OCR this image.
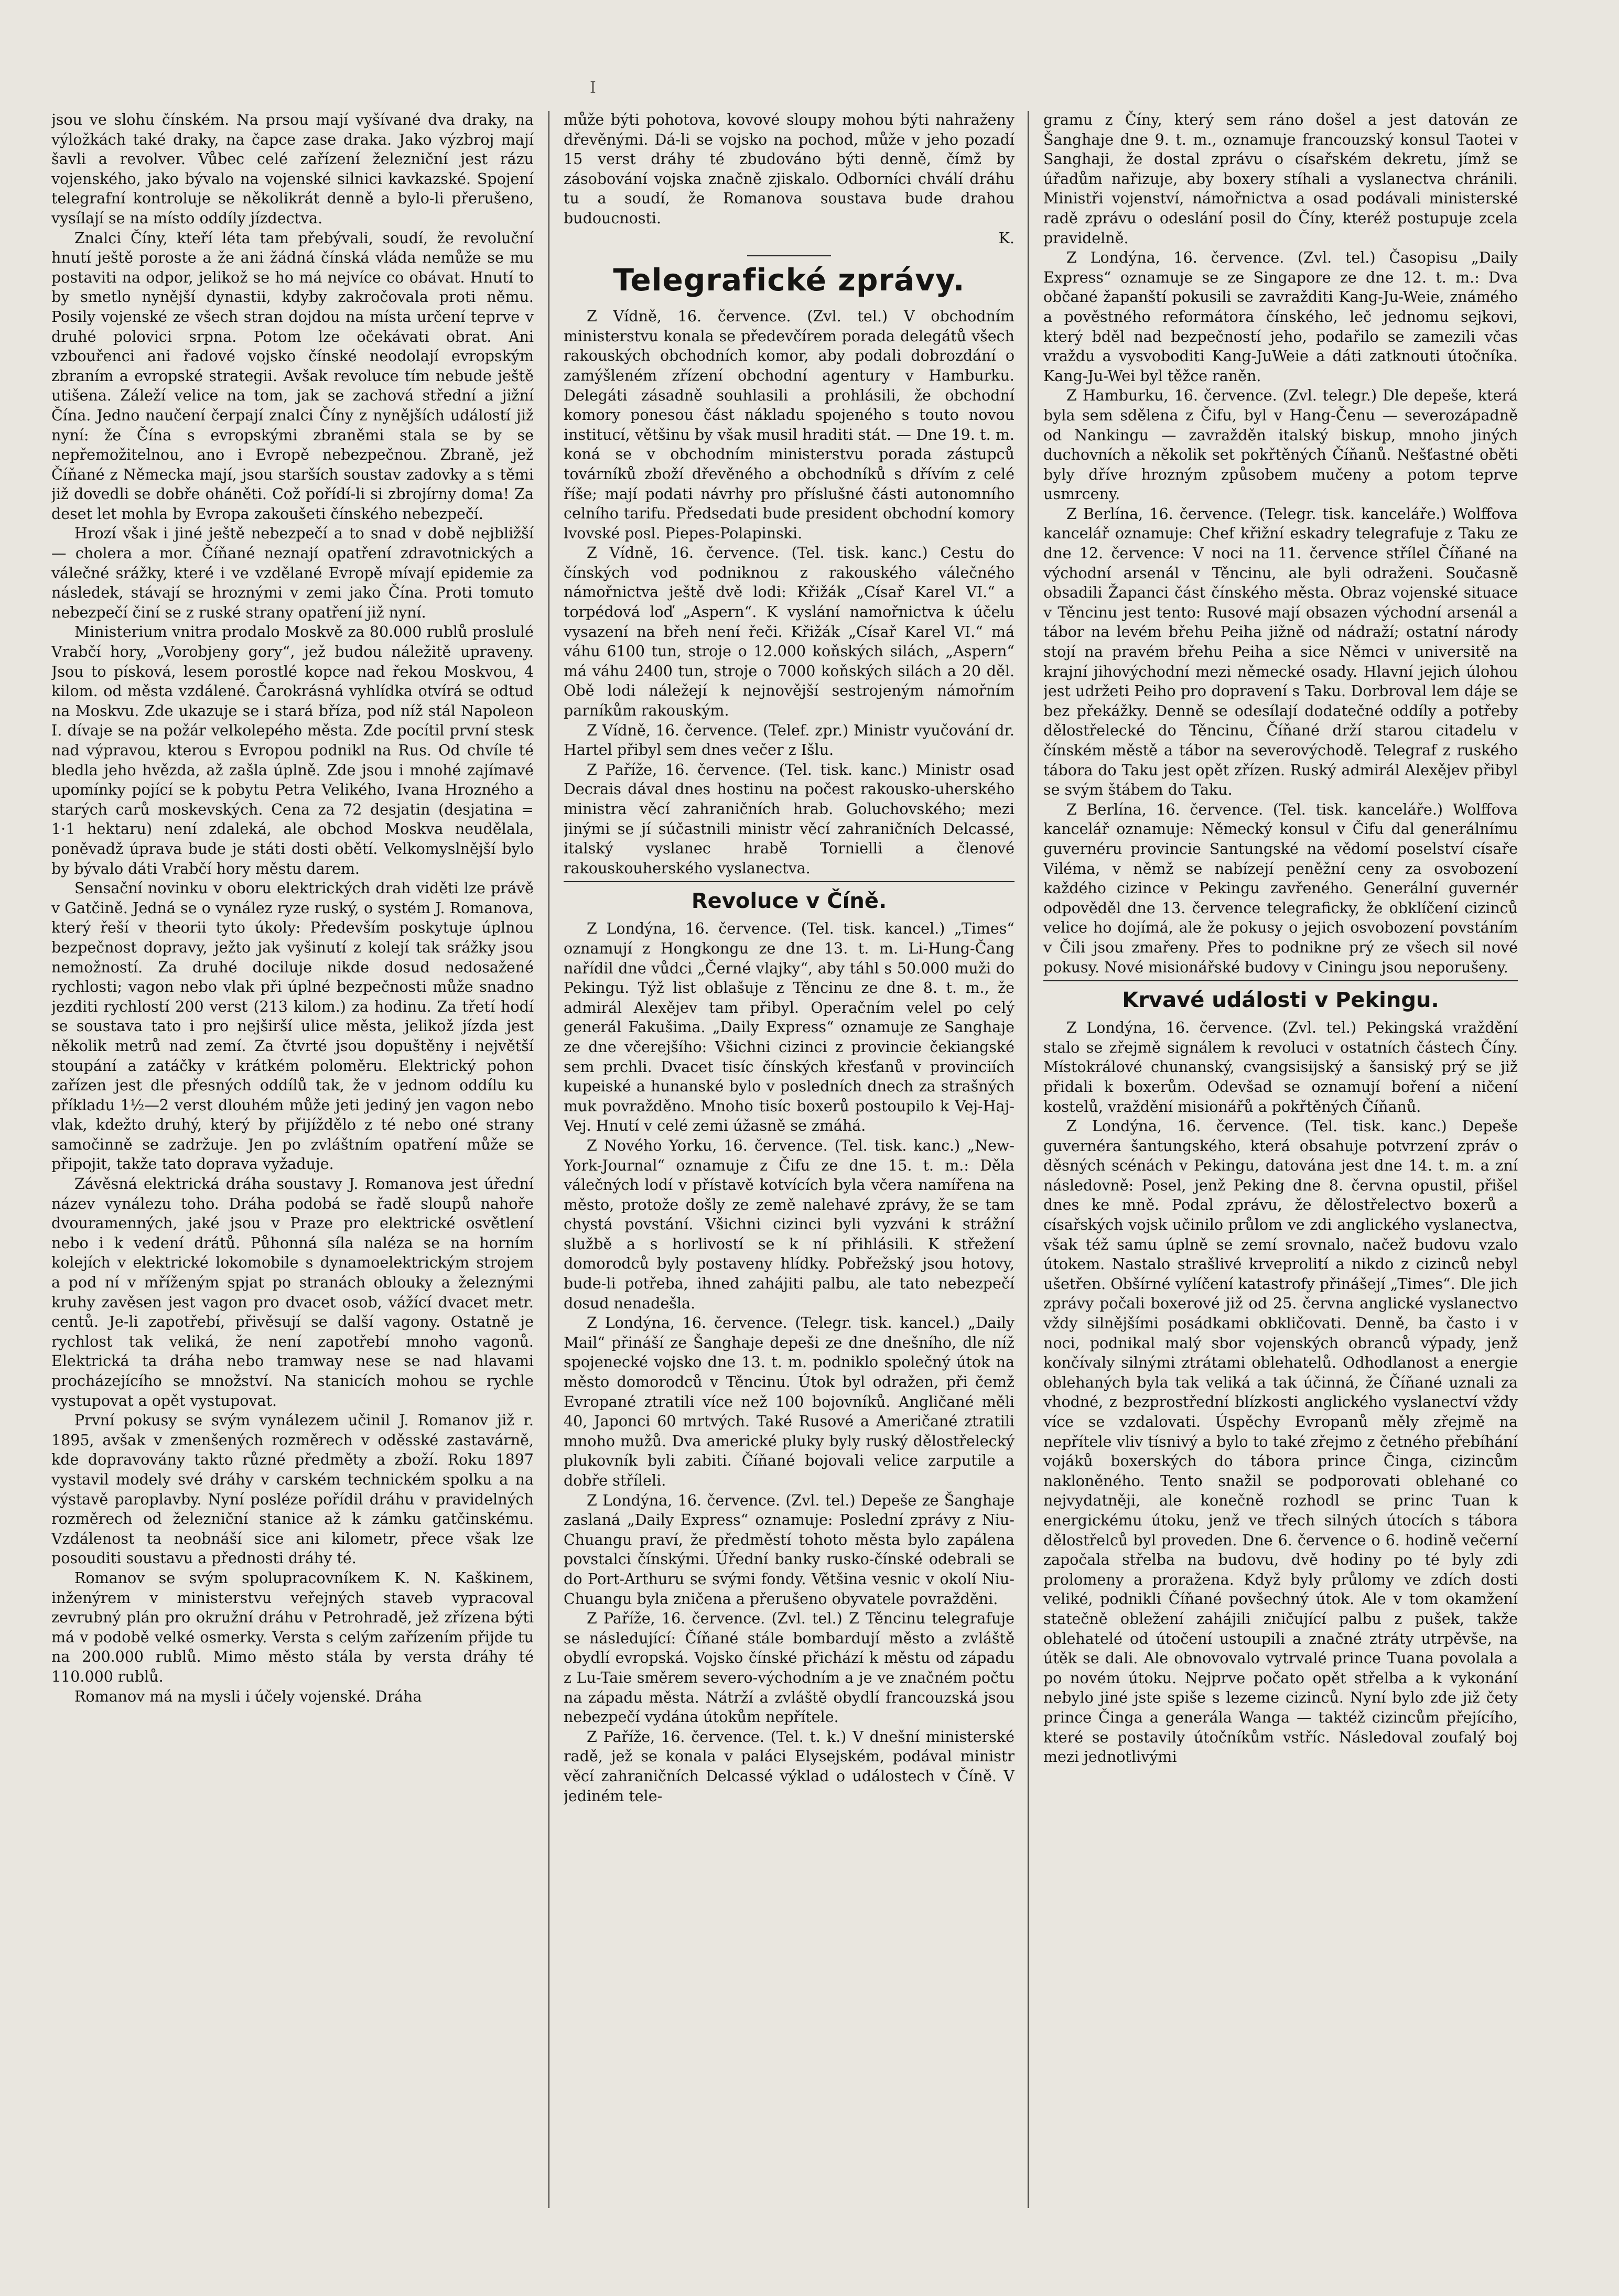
I

jsou ve slohu čínském. Na prsou mají vyšívané dva draky, na výložkách také draky, na čapce zase draka. Jako výzbroj mají šavli a revolver. Vůbec celé zařízení železniční jest rázu vojenského, jako bývalo na vojenské silnici kavkazské. Spojení telegrafní kontroluje se několikrát denně a bylo-li přerušeno, vysílají se na místo oddíly jízdectva.

Znalci Číny, kteří léta tam přebývali, soudí, že revoluční hnutí ještě poroste a že ani žádná čínská vláda nemůže se mu postaviti na odpor, jelikož se ho má nejvíce co obávat. Hnutí to by smetlo nynější dynastii, kdyby zakročovala proti němu. Posily vojenské ze všech stran dojdou na místa určení teprve v druhé polovici srpna. Potom lze očekávati obrat. Ani vzbouřenci ani řadové vojsko čínské neodolají evropským zbraním a evropské strategii. Avšak revoluce tím nebude ještě utišena. Záleží velice na tom, jak se zachová střední a jižní Čína. Jedno naučení čerpají znalci Číny z nynějších událostí již nyní: že Čína s evropskými zbraněmi stala se by se nepřemožitelnou, ano i Evropě nebezpečnou. Zbraně, jež Číňané z Německa mají, jsou starších soustav zadovky a s těmi již dovedli se dobře oháněti. Což pořídí-li si zbrojírny doma! Za deset let mohla by Evropa zakoušeti čínského nebezpečí.

Hrozí však i jiné ještě nebezpečí a to snad v době nejbližší — cholera a mor. Číňané neznají opatření zdravotnických a válečné srážky, které i ve vzdělané Evropě mívají epidemie za následek, stávají se hroznými v zemi jako Čína. Proti tomuto nebezpečí činí se z ruské strany opatření již nyní.

Ministerium vnitra prodalo Moskvě za 80.000 rublů proslulé Vrabčí hory, „Vorobjeny gory“, jež budou náležitě upraveny. Jsou to písková, lesem porostlé kopce nad řekou Moskvou, 4 kilom. od města vzdálené. Čarokrásná vyhlídka otvírá se odtud na Moskvu. Zde ukazuje se i stará bříza, pod níž stál Napoleon I. dívaje se na požár velkolepého města. Zde pocítil první stesk nad výpravou, kterou s Evropou podnikl na Rus. Od chvíle té bledla jeho hvězda, až zašla úplně. Zde jsou i mnohé zajímavé upomínky pojící se k pobytu Petra Velikého, Ivana Hrozného a starých carů moskevských. Cena za 72 desjatin (desjatina = 1·1 hektaru) není zdaleká, ale obchod Moskva neudělala, poněvadž úprava bude je státi dosti obětí. Velkomyslnější bylo by bývalo dáti Vrabčí hory městu darem.

Sensační novinku v oboru elektrických drah viděti lze právě v Gatčině. Jedná se o vynález ryze ruský, o systém J. Romanova, který řeší v theorii tyto úkoly: Především poskytuje úplnou bezpečnost dopravy, ježto jak vyšinutí z kolejí tak srážky jsou nemožností. Za druhé dociluje nikde dosud nedosažené rychlosti; vagon nebo vlak při úplné bezpečnosti může snadno jezditi rychlostí 200 verst (213 kilom.) za hodinu. Za třetí hodí se soustava tato i pro nejširší ulice města, jelikož jízda jest několik metrů nad zemí. Za čtvrté jsou dopuštěny i největší stoupání a zatáčky v krátkém poloměru. Elektrický pohon zařízen jest dle přesných oddílů tak, že v jednom oddílu ku příkladu 1½—2 verst dlouhém může jeti jediný jen vagon nebo vlak, kdežto druhý, který by přijíždělo z té nebo oné strany samočinně se zadržuje. Jen po zvláštním opatření může se připojit, takže tato doprava vyžaduje.

Závěsná elektrická dráha soustavy J. Romanova jest úřední název vynálezu toho. Dráha podobá se řadě sloupů nahoře dvouramenných, jaké jsou v Praze pro elektrické osvětlení nebo i k vedení drátů. Půhonná síla naléza se na horním kolejích v elektrické lokomobile s dynamoelektrickým strojem a pod ní v mříženým spjat po stranách oblouky a železnými kruhy zavěsen jest vagon pro dvacet osob, vážící dvacet metr. centů. Je-li zapotřebí, přivěsují se další vagony. Ostatně je rychlost tak veliká, že není zapotřebí mnoho vagonů. Elektrická ta dráha nebo tramway nese se nad hlavami procházejícího se množství. Na stanicích mohou se rychle vystupovat a opět vystupovat.

První pokusy se svým vynálezem učinil J. Romanov již r. 1895, avšak v zmenšených rozměrech v oděsské zastavárně, kde dopravovány takto různé předměty a zboží. Roku 1897 vystavil modely své dráhy v carském technickém spolku a na výstavě paroplavby. Nyní posléze pořídil dráhu v pravidelných rozměrech od železniční stanice až k zámku gatčinskému. Vzdálenost ta neobnáší sice ani kilometr, přece však lze posouditi soustavu a přednosti dráhy té.

Romanov se svým spolupracovníkem K. N. Kaškinem, inženýrem v ministerstvu veřejných staveb vypracoval zevrubný plán pro okružní dráhu v Petrohradě, jež zřízena býti má v podobě velké osmerky. Versta s celým zařízením přijde tu na 200.000 rublů. Mimo město stála by versta dráhy té 110.000 rublů.

Romanov má na mysli i účely vojenské. Dráha

může býti pohotova, kovové sloupy mohou býti nahraženy dřevěnými. Dá-li se vojsko na pochod, může v jeho pozadí 15 verst dráhy té zbudováno býti denně, čímž by zásobování vojska značně zjiskalo. Odborníci chválí dráhu tu a soudí, že Romanova soustava bude drahou budoucnosti.

K.

Telegrafické zprávy.

Z Vídně, 16. července. (Zvl. tel.) V obchodním ministerstvu konala se předevčírem porada delegátů všech rakouských obchodních komor, aby podali dobrozdání o zamýšleném zřízení obchodní agentury v Hamburku. Delegáti zásadně souhlasili a prohlásili, že obchodní komory ponesou část nákladu spojeného s touto novou institucí, většinu by však musil hraditi stát. — Dne 19. t. m. koná se v obchodním ministerstvu porada zástupců továrníků zboží dřevěného a obchodníků s dřívím z celé říše; mají podati návrhy pro příslušné části autonomního celního tarifu. Předsedati bude president obchodní komory lvovské posl. Piepes-Polapinski.

Z Vídně, 16. července. (Tel. tisk. kanc.) Cestu do čínských vod podniknou z rakouského válečného námořnictva ještě dvě lodi: Křižák „Císař Karel VI.“ a torpédová loď „Aspern“. K vyslání namořnictva k účelu vysazení na břeh není řeči. Křižák „Císař Karel VI.“ má váhu 6100 tun, stroje o 12.000 koňských silách, „Aspern“ má váhu 2400 tun, stroje o 7000 koňských silách a 20 děl. Obě lodi náležejí k nejnovější sestrojeným námořním parníkům rakouským.

Z Vídně, 16. července. (Telef. zpr.) Ministr vyučování dr. Hartel přibyl sem dnes večer z Išlu.

Z Paříže, 16. července. (Tel. tisk. kanc.) Ministr osad Decrais dával dnes hostinu na počest rakousko-uherského ministra věcí zahraničních hrab. Goluchovského; mezi jinými se jí súčastnili ministr věcí zahraničních Delcassé, italský vyslanec hrabě Tornielli a členové rakouskouherského vyslanectva.

Revoluce v Číně.

Z Londýna, 16. července. (Tel. tisk. kancel.) „Times“ oznamují z Hongkongu ze dne 13. t. m. Li-Hung-Čang nařídil dne vůdci „Černé vlajky“, aby táhl s 50.000 muži do Pekingu. Týž list oblašuje z Těncinu ze dne 8. t. m., že admirál Alexějev tam přibyl. Operačním velel po celý generál Fakušima. „Daily Express“ oznamuje ze Sanghaje ze dne včerejšího: Všichni cizinci z provincie čekiangské sem prchli. Dvacet tisíc čínských křesťanů v provinciích kupeiské a hunanské bylo v posledních dnech za strašných muk povražděno. Mnoho tisíc boxerů postoupilo k Vej-Haj-Vej. Hnutí v celé zemi úžasně se zmáhá.

Z Nového Yorku, 16. července. (Tel. tisk. kanc.) „New-York-Journal“ oznamuje z Čifu ze dne 15. t. m.: Děla válečných lodí v přístavě kotvících byla včera namířena na město, protože došly ze země nalehavé zprávy, že se tam chystá povstání. Všichni cizinci byli vyzváni k strážní službě a s horlivostí se k ní přihlásili. K střežení domorodců byly postaveny hlídky. Pobřežský jsou hotovy, bude-li potřeba, ihned zahájiti palbu, ale tato nebezpečí dosud nenadešla.

Z Londýna, 16. července. (Telegr. tisk. kancel.) „Daily Mail“ přináší ze Šanghaje depeši ze dne dnešního, dle níž spojenecké vojsko dne 13. t. m. podniklo společný útok na město domorodců v Těncinu. Útok byl odražen, při čemž Evropané ztratili více než 100 bojovníků. Angličané měli 40, Japonci 60 mrtvých. Také Rusové a Američané ztratili mnoho mužů. Dva americké pluky byly ruský dělostřelecký plukovník byli zabiti. Číňané bojovali velice zarputile a dobře stříleli.

Z Londýna, 16. července. (Zvl. tel.) Depeše ze Šanghaje zaslaná „Daily Express“ oznamuje: Poslední zprávy z Niu-Chuangu praví, že předměstí tohoto města bylo zapálena povstalci čínskými. Úřední banky rusko-čínské odebrali se do Port-Arthuru se svými fondy. Většina vesnic v okolí Niu-Chuangu byla zničena a přerušeno obyvatele povražděni.

Z Paříže, 16. července. (Zvl. tel.) Z Těncinu telegrafuje se následující: Číňané stále bombardují město a zvláště obydlí evropská. Vojsko čínské přichází k městu od západu z Lu-Taie směrem severo-východním a je ve značném počtu na západu města. Nátrží a zvláště obydlí francouzská jsou nebezpečí vydána útokům nepřítele.

Z Paříže, 16. července. (Tel. t. k.) V dnešní ministerské radě, jež se konala v paláci Elysejském, podával ministr věcí zahraničních Delcassé výklad o událostech v Číně. V jediném tele-

gramu z Číny, který sem ráno došel a jest datován ze Šanghaje dne 9. t. m., oznamuje francouzský konsul Taotei v Sanghaji, že dostal zprávu o císařském dekretu, jímž se úřadům nařizuje, aby boxery stíhali a vyslanectva chránili. Ministři vojenství, námořnictva a osad podávali ministerské radě zprávu o odeslání posil do Číny, kteréž postupuje zcela pravidelně.

Z Londýna, 16. července. (Zvl. tel.) Časopisu „Daily Express“ oznamuje se ze Singapore ze dne 12. t. m.: Dva občané žapanští pokusili se zavražditi Kang-Ju-Weie, známého a pověstného reformátora čínského, leč jednomu sejkovi, který bděl nad bezpečností jeho, podařilo se zamezili včas vraždu a vysvoboditi Kang-JuWeie a dáti zatknouti útočníka. Kang-Ju-Wei byl těžce raněn.

Z Hamburku, 16. července. (Zvl. telegr.) Dle depeše, která byla sem sdělena z Čifu, byl v Hang-Čenu — severozápadně od Nankingu — zavražděn italský biskup, mnoho jiných duchovních a několik set pokřtěných Číňanů. Nešťastné oběti byly dříve hrozným způsobem mučeny a potom teprve usmrceny.

Z Berlína, 16. července. (Telegr. tisk. kanceláře.) Wolffova kancelář oznamuje: Chef křižní eskadry telegrafuje z Taku ze dne 12. července: V noci na 11. července střílel Číňané na východní arsenál v Těncinu, ale byli odraženi. Současně obsadili Žapanci část čínského města. Obraz vojenské situace v Těncinu jest tento: Rusové mají obsazen východní arsenál a tábor na levém břehu Peiha jižně od nádraží; ostatní národy stojí na pravém břehu Peiha a sice Němci v universitě na krajní jihovýchodní mezi německé osady. Hlavní jejich úlohou jest udržeti Peiho pro dopravení s Taku. Dorbroval lem dáje se bez překážky. Denně se odesílají dodatečné oddíly a potřeby dělostřelecké do Těncinu, Číňané drží starou citadelu v čínském městě a tábor na severovýchodě. Telegraf z ruského tábora do Taku jest opět zřízen. Ruský admirál Alexějev přibyl se svým štábem do Taku.

Z Berlína, 16. července. (Tel. tisk. kanceláře.) Wolffova kancelář oznamuje: Německý konsul v Čifu dal generálnímu guvernéru provincie Santungské na vědomí poselství císaře Viléma, v němž se nabízejí peněžní ceny za osvobození každého cizince v Pekingu zavřeného. Generální guvernér odpověděl dne 13. července telegraficky, že obklíčení cizinců velice ho dojímá, ale že pokusy o jejich osvobození povstáním v Čili jsou zmařeny. Přes to podnikne prý ze všech sil nové pokusy. Nové misionářské budovy v Ciningu jsou neporušeny.

Krvavé události v Pekingu.

Z Londýna, 16. července. (Zvl. tel.) Pekingská vraždění stalo se zřejmě signálem k revoluci v ostatních částech Číny. Místokrálové chunanský, cvangsisijský a šansiský prý se již přidali k boxerům. Odevšad se oznamují boření a ničení kostelů, vraždění misionářů a pokřtěných Číňanů.

Z Londýna, 16. července. (Tel. tisk. kanc.) Depeše guvernéra šantungského, která obsahuje potvrzení zpráv o děsných scénách v Pekingu, datována jest dne 14. t. m. a zní následovně: Posel, jenž Peking dne 8. června opustil, přišel dnes ke mně. Podal zprávu, že dělostřelectvo boxerů a císařských vojsk učinilo průlom ve zdi anglického vyslanectva, však též samu úplně se zemí srovnalo, načež budovu vzalo útokem. Nastalo strašlivé krveprolití a nikdo z cizinců nebyl ušetřen. Obšírné vylíčení katastrofy přinášejí „Times“. Dle jich zprávy počali boxerové již od 25. června anglické vyslanectvo vždy silnějšími posádkami obkličovati. Denně, ba často i v noci, podnikal malý sbor vojenských obranců výpady, jenž končívaly silnými ztrátami oblehatelů. Odhodlanost a energie oblehaných byla tak veliká a tak účinná, že Číňané uznali za vhodné, z bezprostřední blízkosti anglického vyslanectví vždy více se vzdalovati. Úspěchy Evropanů měly zřejmě na nepřítele vliv tísnivý a bylo to také zřejmo z četného přebíhání vojáků boxerských do tábora prince Činga, cizincům nakloněného. Tento snažil se podporovati oblehané co nejvydatněji, ale konečně rozhodl se princ Tuan k energickému útoku, jenž ve třech silných útocích s tábora dělostřelců byl proveden. Dne 6. července o 6. hodině večerní započala střelba na budovu, dvě hodiny po té byly zdi prolomeny a proražena. Když byly průlomy ve zdích dosti veliké, podnikli Číňané povšechný útok. Ale v tom okamžení statečně obležení zahájili zničující palbu z pušek, takže oblehatelé od útočení ustoupili a značné ztráty utrpěvše, na útěk se dali. Ale obnovovalo vytrvalé prince Tuana povolala a po novém útoku. Nejprve počato opět střelba a k vykonání nebylo jiné jste spiše s lezeme cizinců. Nyní bylo zde již čety prince Činga a generála Wanga — taktéž cizincům přejícího, které se postavily útočníkům vstříc. Následoval zoufalý boj mezi jednotlivými
